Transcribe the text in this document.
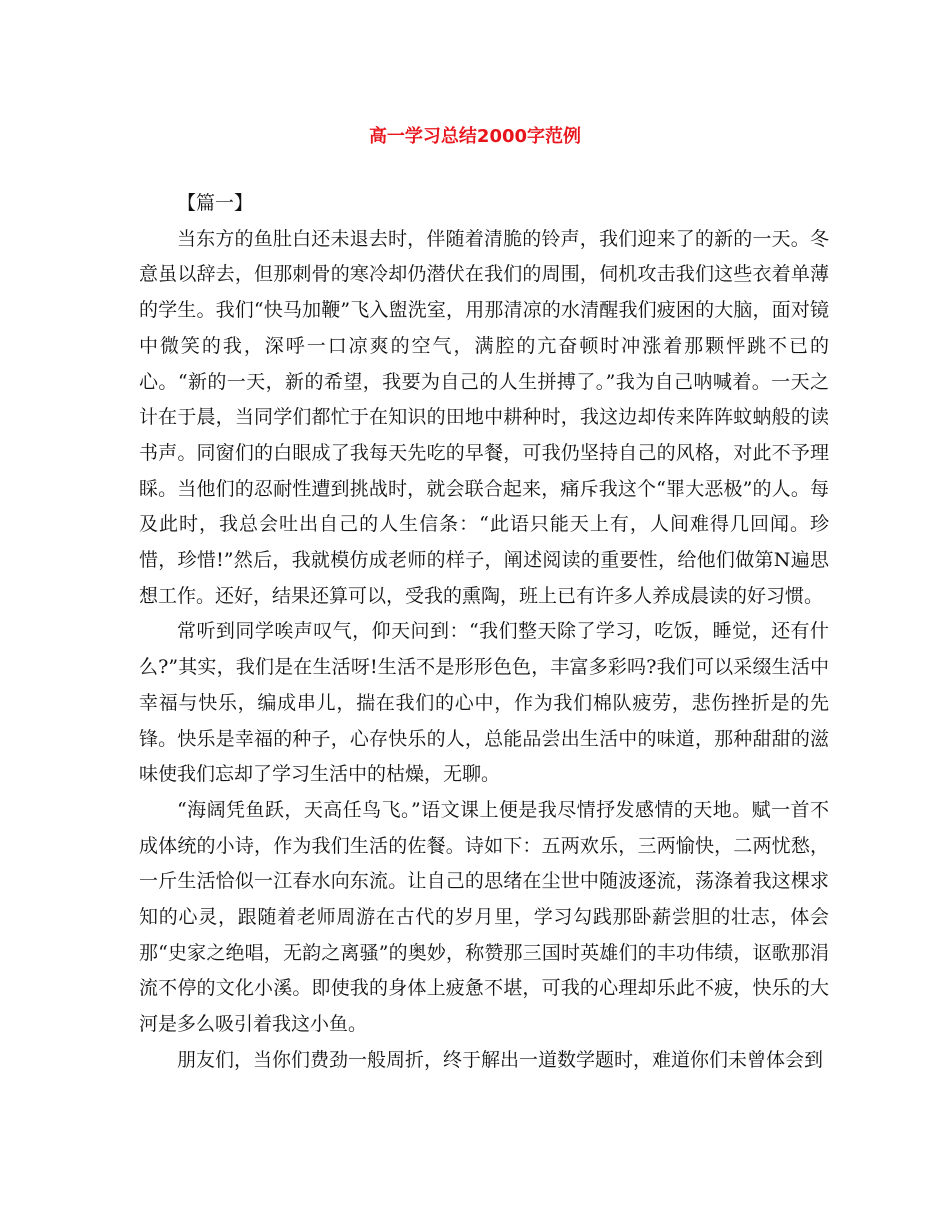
高一学习总结2000字范例

【篇一】

当东方的鱼肚白还未退去时，伴随着清脆的铃声，我们迎来了的新的一天。冬意虽以辞去，但那刺骨的寒冷却仍潜伏在我们的周围，伺机攻击我们这些衣着单薄的学生。我们“快马加鞭”飞入盥洗室，用那清凉的水清醒我们疲困的大脑，面对镜中微笑的我，深呼一口凉爽的空气，满腔的亢奋顿时冲涨着那颗怦跳不已的心。“新的一天，新的希望，我要为自己的人生拼搏了。”我为自己呐喊着。一天之计在于晨，当同学们都忙于在知识的田地中耕种时，我这边却传来阵阵蚊蚋般的读书声。同窗们的白眼成了我每天先吃的早餐，可我仍坚持自己的风格，对此不予理睬。当他们的忍耐性遭到挑战时，就会联合起来，痛斥我这个“罪大恶极”的人。每及此时，我总会吐出自己的人生信条：“此语只能天上有，人间难得几回闻。珍惜，珍惜!”然后，我就模仿成老师的样子，阐述阅读的重要性，给他们做第N遍思想工作。还好，结果还算可以，受我的熏陶，班上已有许多人养成晨读的好习惯。

常听到同学唉声叹气，仰天问到：“我们整天除了学习，吃饭，睡觉，还有什么?”其实，我们是在生活呀!生活不是形形色色，丰富多彩吗?我们可以采缀生活中幸福与快乐，编成串儿，揣在我们的心中，作为我们棉队疲劳，悲伤挫折是的先锋。快乐是幸福的种子，心存快乐的人，总能品尝出生活中的味道，那种甜甜的滋味使我们忘却了学习生活中的枯燥，无聊。

“海阔凭鱼跃，天高任鸟飞。”语文课上便是我尽情抒发感情的天地。赋一首不成体统的小诗，作为我们生活的佐餐。诗如下：五两欢乐，三两愉快，二两忧愁，一斤生活恰似一江春水向东流。让自己的思绪在尘世中随波逐流，荡涤着我这棵求知的心灵，跟随着老师周游在古代的岁月里，学习勾践那卧薪尝胆的壮志，体会那“史家之绝唱，无韵之离骚”的奥妙，称赞那三国时英雄们的丰功伟绩，讴歌那涓流不停的文化小溪。即使我的身体上疲惫不堪，可我的心理却乐此不疲，快乐的大河是多么吸引着我这小鱼。

朋友们，当你们费劲一般周折，终于解出一道数学题时，难道你们未曾体会到
